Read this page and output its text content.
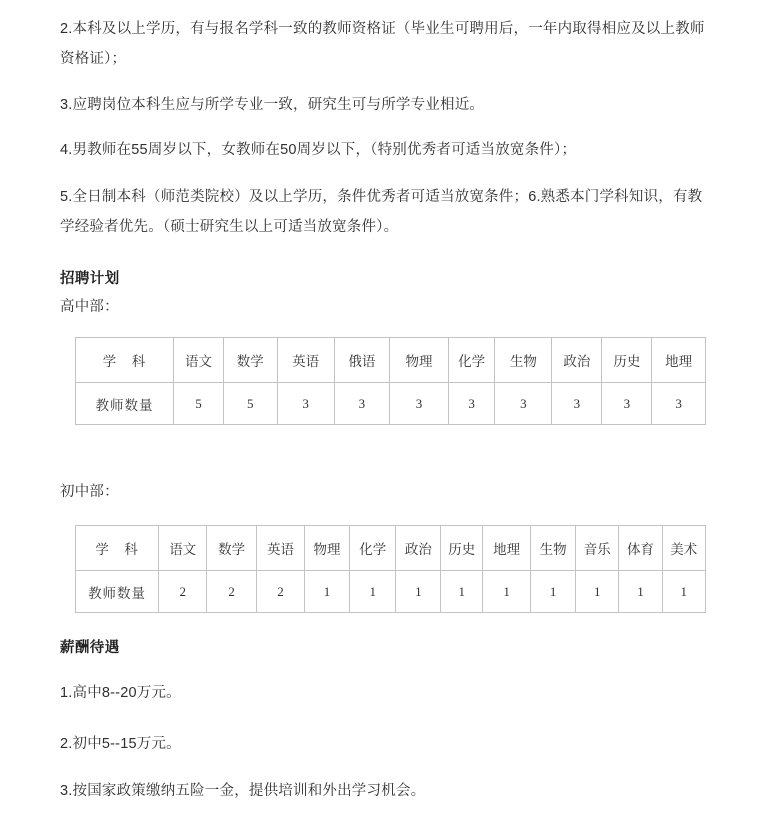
2.本科及以上学历，有与报名学科一致的教师资格证（毕业生可聘用后，一年内取得相应及以上教师资格证）；

3.应聘岗位本科生应与所学专业一致，研究生可与所学专业相近。

4.男教师在55周岁以下，女教师在50周岁以下，（特别优秀者可适当放宽条件）；

5.全日制本科（师范类院校）及以上学历，条件优秀者可适当放宽条件；6.熟悉本门学科知识，有教学经验者优先。（硕士研究生以上可适当放宽条件）。

招聘计划

高中部：

学　科	语文	数学	英语	俄语	物理	化学	生物	政治	历史	地理
教师数量	5	5	3	3	3	3	3	3	3	3

初中部：

学　科	语文	数学	英语	物理	化学	政治	历史	地理	生物	音乐	体育	美术
教师数量	2	2	2	1	1	1	1	1	1	1	1	1
薪酬待遇

1.高中8--20万元。

2.初中5--15万元。

3.按国家政策缴纳五险一金，提供培训和外出学习机会。
